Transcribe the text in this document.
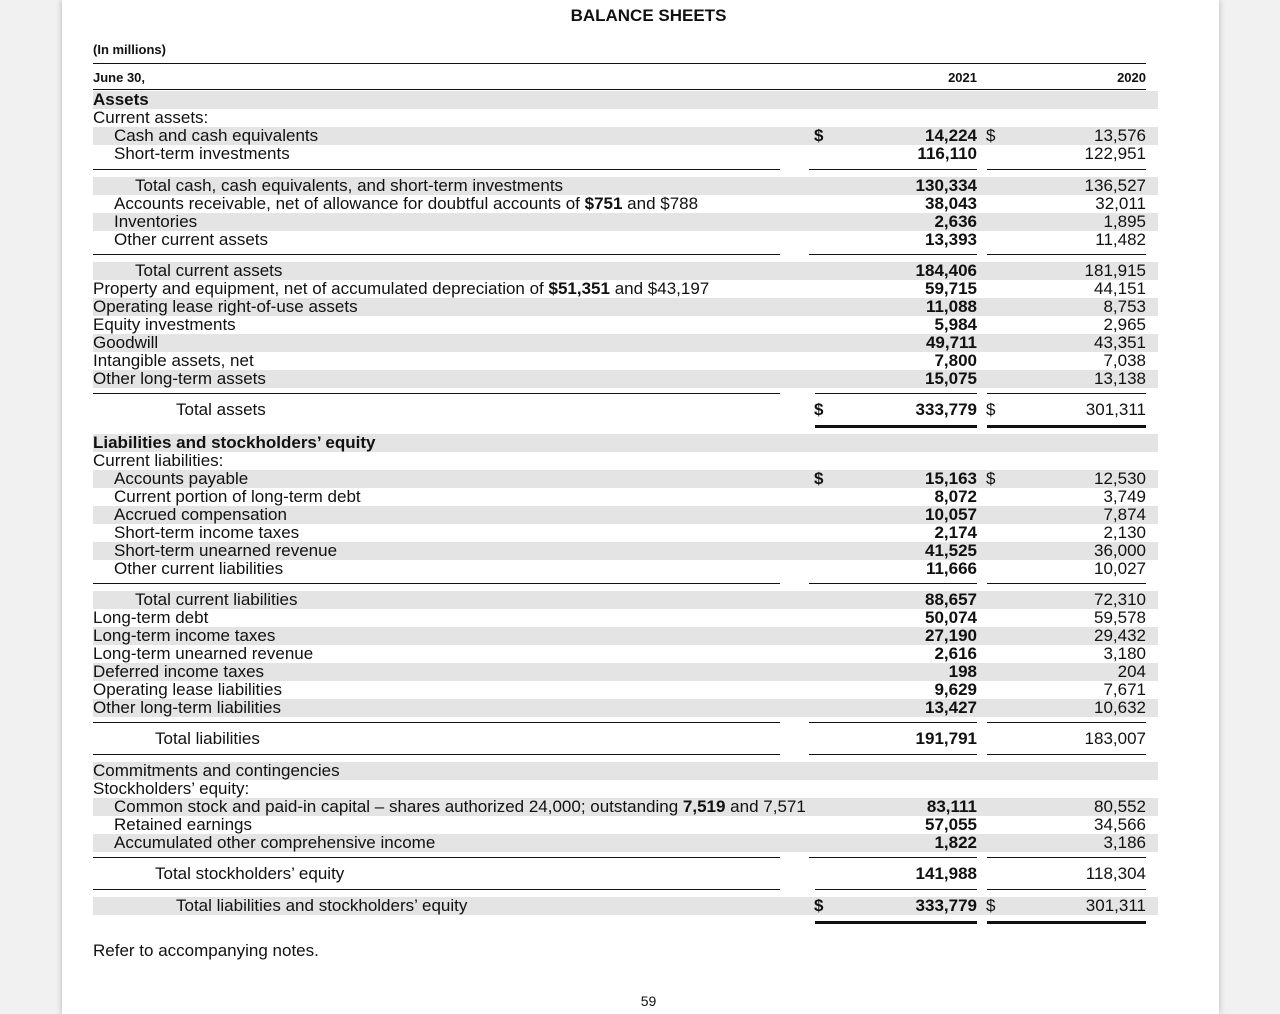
BALANCE SHEETS
(In millions)
June 30,	2021	2020
Assets
Current assets:
Cash and cash equivalents	$	14,224 $	13,576
Short-term investments	116,110	122,951
Total cash, cash equivalents, and short-term investments	130,334	136,527
Accounts receivable, net of allowance for doubtful accounts of $751 and $788	38,043	32,011
Inventories	2,636	1,895
Other current assets	13,393	11,482
Total current assets	184,406	181,915
Property and equipment, net of accumulated depreciation of $51,351 and $43,197	59,715	44,151
Operating lease right-of-use assets	11,088	8,753
Equity investments	5,984	2,965
Goodwill	49,711	43,351
Intangible assets, net	7,800	7,038
Other long-term assets	15,075	13,138
Total assets	$	333,779 $	301,311
Liabilities and stockholders’ equity
Current liabilities:
Accounts payable	$	15,163 $	12,530
Current portion of long-term debt	8,072	3,749
Accrued compensation	10,057	7,874
Short-term income taxes	2,174	2,130
Short-term unearned revenue	41,525	36,000
Other current liabilities	11,666	10,027
Total current liabilities	88,657	72,310
Long-term debt	50,074	59,578
Long-term income taxes	27,190	29,432
Long-term unearned revenue	2,616	3,180
Deferred income taxes	198	204
Operating lease liabilities	9,629	7,671
Other long-term liabilities	13,427	10,632
Total liabilities	191,791	183,007
Commitments and contingencies
Stockholders’ equity:
Common stock and paid-in capital – shares authorized 24,000; outstanding 7,519 and 7,571	83,111	80,552
Retained earnings	57,055	34,566
Accumulated other comprehensive income	1,822	3,186
Total stockholders’ equity	141,988	118,304
Total liabilities and stockholders’ equity	$	333,779 $	301,311
Refer to accompanying notes.
59
